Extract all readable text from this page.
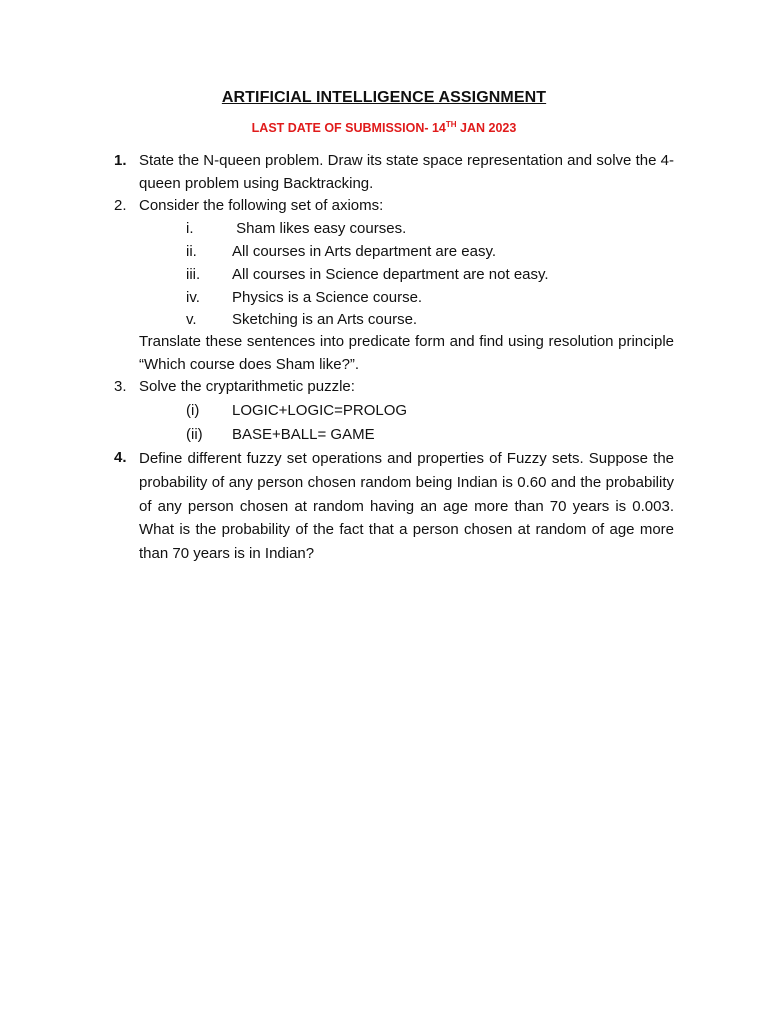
ARTIFICIAL INTELLIGENCE ASSIGNMENT
LAST DATE OF SUBMISSION- 14TH JAN 2023
1. State the N-queen problem. Draw its state space representation and solve the 4-queen problem using Backtracking.
2. Consider the following set of axioms:
i.	Sham likes easy courses.
ii. All courses in Arts department are easy.
iii. All courses in Science department are not easy.
iv. Physics is a Science course.
v. Sketching is an Arts course.
Translate these sentences into predicate form and find using resolution principle “Which course does Sham like?”.
3. Solve the cryptarithmetic puzzle:
(i) LOGIC+LOGIC=PROLOG
(ii) BASE+BALL= GAME
4. Define different fuzzy set operations and properties of Fuzzy sets. Suppose the probability of any person chosen random being Indian is 0.60 and the probability of any person chosen at random having an age more than 70 years is 0.003. What is the probability of the fact that a person chosen at random of age more than 70 years is in Indian?
